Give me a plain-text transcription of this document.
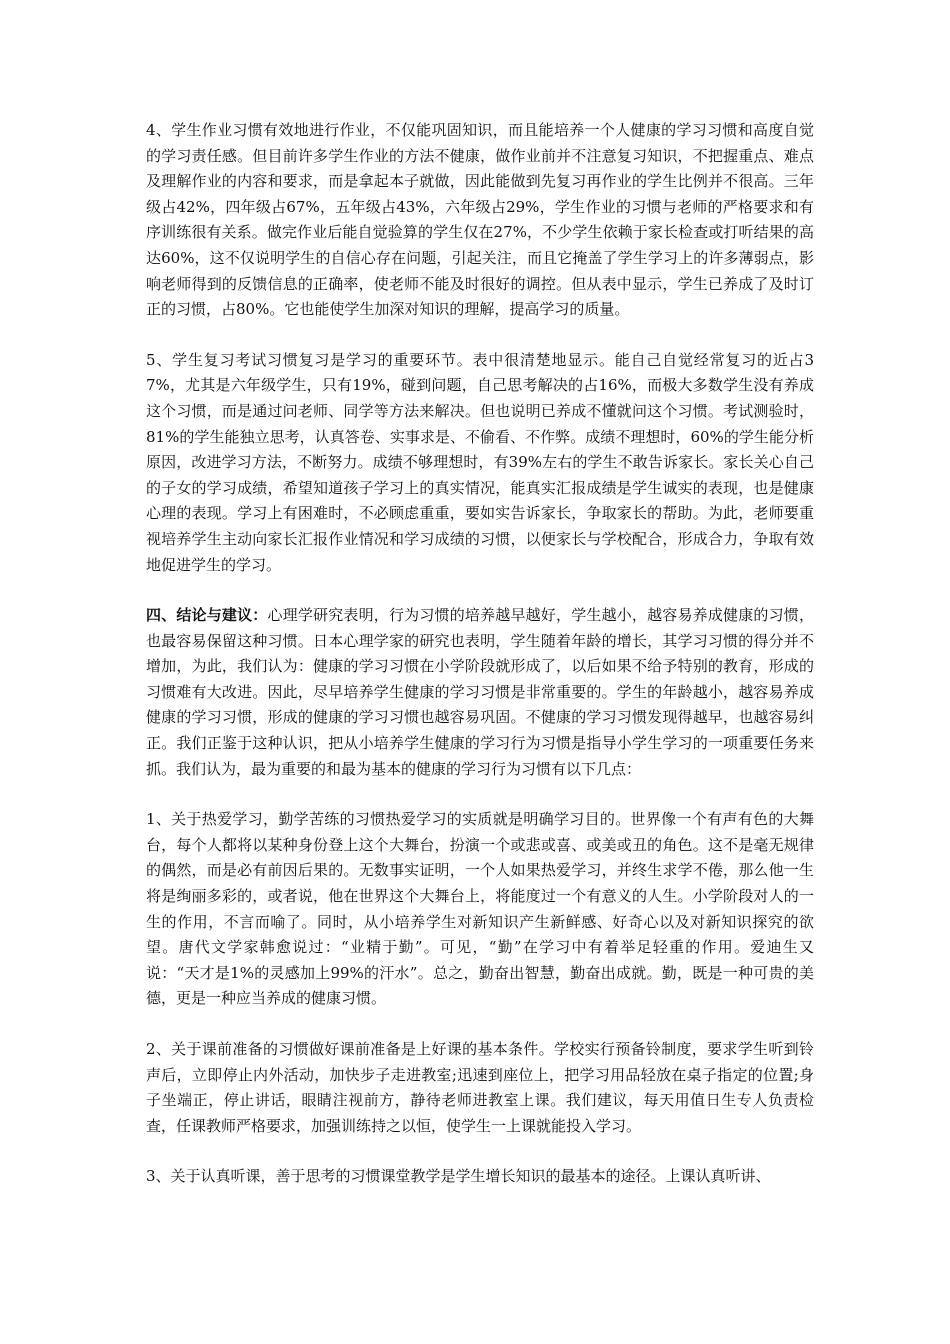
4、学生作业习惯有效地进行作业，不仅能巩固知识，而且能培养一个人健康的学习习惯和高度自觉的学习责任感。但目前许多学生作业的方法不健康，做作业前并不注意复习知识，不把握重点、难点及理解作业的内容和要求，而是拿起本子就做，因此能做到先复习再作业的学生比例并不很高。三年级占42%，四年级占67%，五年级占43%，六年级占29%，学生作业的习惯与老师的严格要求和有序训练很有关系。做完作业后能自觉验算的学生仅在27%，不少学生依赖于家长检查或打听结果的高达60%，这不仅说明学生的自信心存在问题，引起关注，而且它掩盖了学生学习上的许多薄弱点，影响老师得到的反馈信息的正确率，使老师不能及时很好的调控。但从表中显示，学生已养成了及时订正的习惯，占80%。它也能使学生加深对知识的理解，提高学习的质量。

5、学生复习考试习惯复习是学习的重要环节。表中很清楚地显示。能自己自觉经常复习的近占37%，尤其是六年级学生，只有19%，碰到问题，自己思考解决的占16%，而极大多数学生没有养成这个习惯，而是通过问老师、同学等方法来解决。但也说明已养成不懂就问这个习惯。考试测验时，81%的学生能独立思考，认真答卷、实事求是、不偷看、不作弊。成绩不理想时，60%的学生能分析原因，改进学习方法，不断努力。成绩不够理想时，有39%左右的学生不敢告诉家长。家长关心自己的子女的学习成绩，希望知道孩子学习上的真实情况，能真实汇报成绩是学生诚实的表现，也是健康心理的表现。学习上有困难时，不必顾虑重重，要如实告诉家长，争取家长的帮助。为此，老师要重视培养学生主动向家长汇报作业情况和学习成绩的习惯，以便家长与学校配合，形成合力，争取有效地促进学生的学习。

四、结论与建议：心理学研究表明，行为习惯的培养越早越好，学生越小，越容易养成健康的习惯，也最容易保留这种习惯。日本心理学家的研究也表明，学生随着年龄的增长，其学习习惯的得分并不增加，为此，我们认为：健康的学习习惯在小学阶段就形成了，以后如果不给予特别的教育，形成的习惯难有大改进。因此，尽早培养学生健康的学习习惯是非常重要的。学生的年龄越小，越容易养成健康的学习习惯，形成的健康的学习习惯也越容易巩固。不健康的学习习惯发现得越早，也越容易纠正。我们正鉴于这种认识，把从小培养学生健康的学习行为习惯是指导小学生学习的一项重要任务来抓。我们认为，最为重要的和最为基本的健康的学习行为习惯有以下几点：

1、关于热爱学习，勤学苦练的习惯热爱学习的实质就是明确学习目的。世界像一个有声有色的大舞台，每个人都将以某种身份登上这个大舞台，扮演一个或悲或喜、或美或丑的角色。这不是毫无规律的偶然，而是必有前因后果的。无数事实证明，一个人如果热爱学习，并终生求学不倦，那么他一生将是绚丽多彩的，或者说，他在世界这个大舞台上，将能度过一个有意义的人生。小学阶段对人的一生的作用，不言而喻了。同时，从小培养学生对新知识产生新鲜感、好奇心以及对新知识探究的欲望。唐代文学家韩愈说过：“业精于勤”。可见，“勤”在学习中有着举足轻重的作用。爱迪生又说：“天才是1%的灵感加上99%的汗水”。总之，勤奋出智慧，勤奋出成就。勤，既是一种可贵的美德，更是一种应当养成的健康习惯。

2、关于课前准备的习惯做好课前准备是上好课的基本条件。学校实行预备铃制度，要求学生听到铃声后，立即停止内外活动，加快步子走进教室;迅速到座位上，把学习用品轻放在桌子指定的位置;身子坐端正，停止讲话，眼睛注视前方，静待老师进教室上课。我们建议，每天用值日生专人负责检查，任课教师严格要求，加强训练持之以恒，使学生一上课就能投入学习。

3、关于认真听课，善于思考的习惯课堂教学是学生增长知识的最基本的途径。上课认真听讲、
